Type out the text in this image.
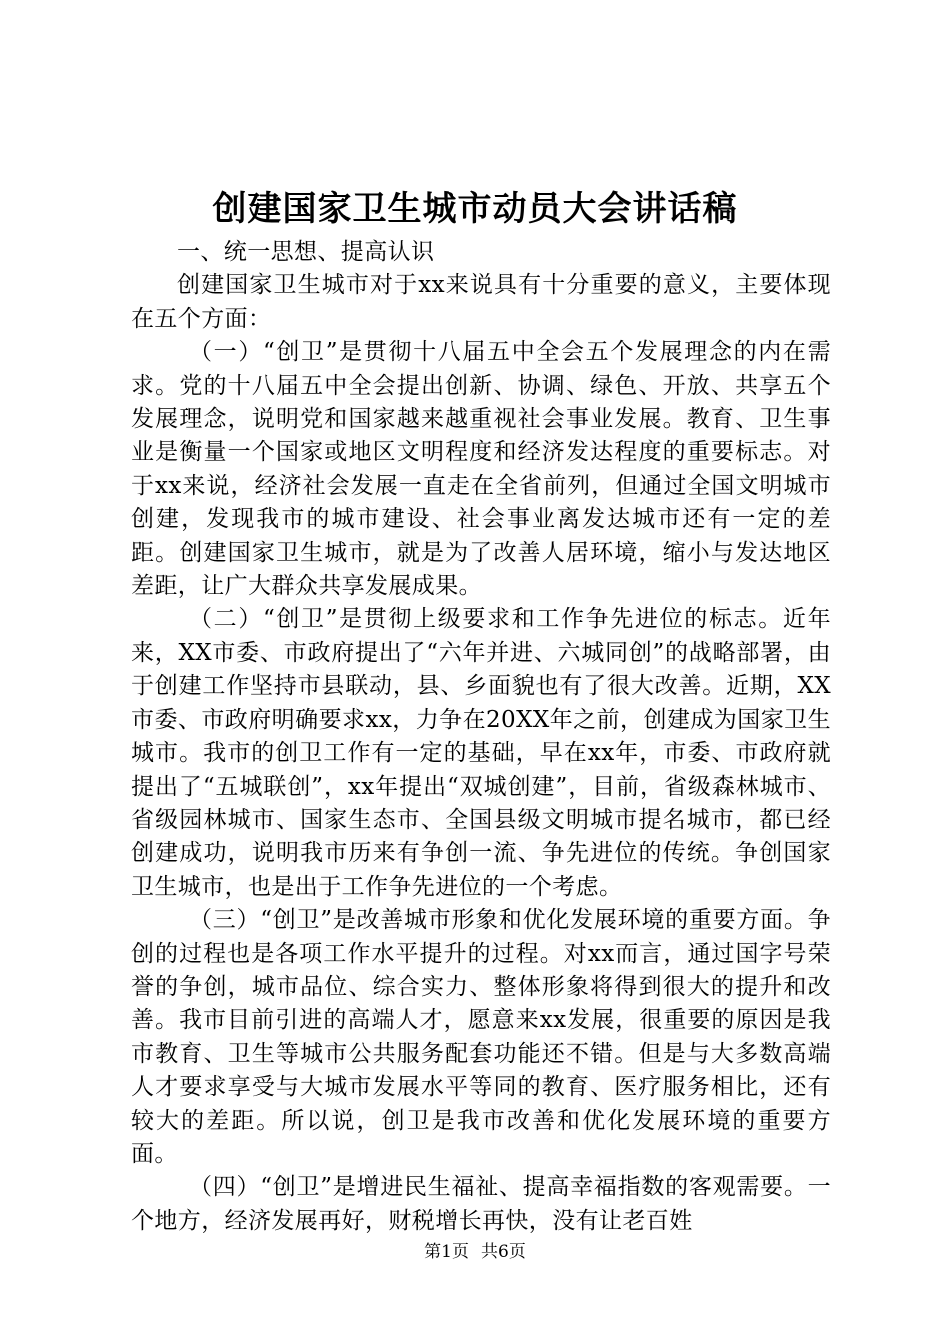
创建国家卫生城市动员大会讲话稿

一、统一思想、提高认识

创建国家卫生城市对于xx来说具有十分重要的意义，主要体现在五个方面：

（一）“创卫”是贯彻十八届五中全会五个发展理念的内在需求。党的十八届五中全会提出创新、协调、绿色、开放、共享五个发展理念，说明党和国家越来越重视社会事业发展。教育、卫生事业是衡量一个国家或地区文明程度和经济发达程度的重要标志。对于xx来说，经济社会发展一直走在全省前列，但通过全国文明城市创建，发现我市的城市建设、社会事业离发达城市还有一定的差距。创建国家卫生城市，就是为了改善人居环境，缩小与发达地区差距，让广大群众共享发展成果。

（二）“创卫”是贯彻上级要求和工作争先进位的标志。近年来，XX市委、市政府提出了“六年并进、六城同创”的战略部署，由于创建工作坚持市县联动，县、乡面貌也有了很大改善。近期，XX市委、市政府明确要求xx，力争在20XX年之前，创建成为国家卫生城市。我市的创卫工作有一定的基础，早在xx年，市委、市政府就提出了“五城联创”，xx年提出“双城创建”，目前，省级森林城市、省级园林城市、国家生态市、全国县级文明城市提名城市，都已经创建成功，说明我市历来有争创一流、争先进位的传统。争创国家卫生城市，也是出于工作争先进位的一个考虑。

（三）“创卫”是改善城市形象和优化发展环境的重要方面。争创的过程也是各项工作水平提升的过程。对xx而言，通过国字号荣誉的争创，城市品位、综合实力、整体形象将得到很大的提升和改善。我市目前引进的高端人才，愿意来xx发展，很重要的原因是我市教育、卫生等城市公共服务配套功能还不错。但是与大多数高端人才要求享受与大城市发展水平等同的教育、医疗服务相比，还有较大的差距。所以说，创卫是我市改善和优化发展环境的重要方面。

（四）“创卫”是增进民生福祉、提高幸福指数的客观需要。一个地方，经济发展再好，财税增长再快，没有让老百姓

第1页 共6页
